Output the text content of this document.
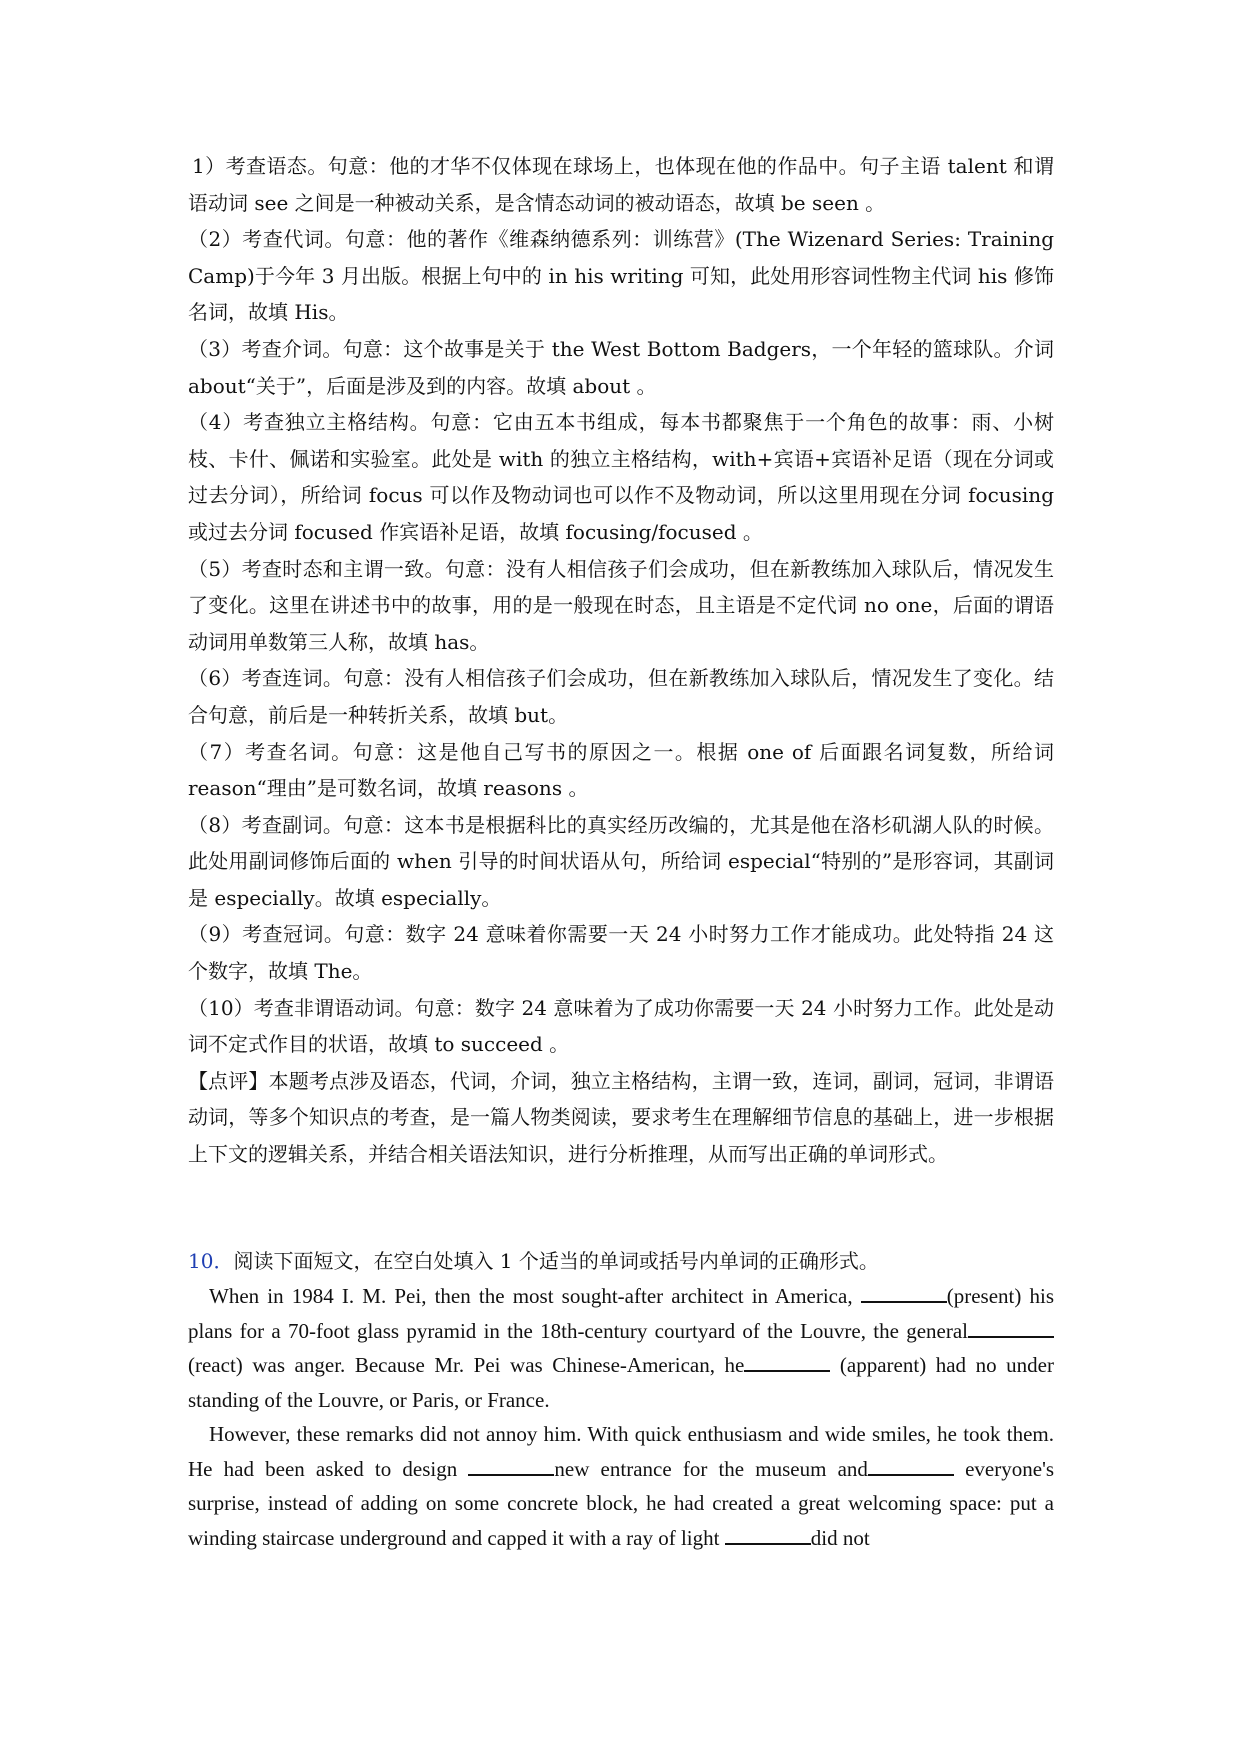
1）考查语态。句意：他的才华不仅体现在球场上，也体现在他的作品中。句子主语 talent 和谓语动词 see 之间是一种被动关系，是含情态动词的被动语态，故填 be seen 。

（2）考查代词。句意：他的著作《维森纳德系列：训练营》(The Wizenard Series: Training Camp)于今年 3 月出版。根据上句中的 in his writing 可知，此处用形容词性物主代词 his 修饰名词，故填 His。

（3）考查介词。句意：这个故事是关于 the West Bottom Badgers，一个年轻的篮球队。介词 about“关于”，后面是涉及到的内容。故填 about 。

（4）考查独立主格结构。句意：它由五本书组成，每本书都聚焦于一个角色的故事：雨、小树枝、卡什、佩诺和实验室。此处是 with 的独立主格结构，with+宾语+宾语补足语（现在分词或过去分词），所给词 focus 可以作及物动词也可以作不及物动词，所以这里用现在分词 focusing 或过去分词 focused 作宾语补足语，故填 focusing/focused 。

（5）考查时态和主谓一致。句意：没有人相信孩子们会成功，但在新教练加入球队后，情况发生了变化。这里在讲述书中的故事，用的是一般现在时态，且主语是不定代词 no one，后面的谓语动词用单数第三人称，故填 has。

（6）考查连词。句意：没有人相信孩子们会成功，但在新教练加入球队后，情况发生了变化。结合句意，前后是一种转折关系，故填 but。

（7）考查名词。句意：这是他自己写书的原因之一。根据 one of 后面跟名词复数，所给词 reason“理由”是可数名词，故填 reasons 。

（8）考查副词。句意：这本书是根据科比的真实经历改编的，尤其是他在洛杉矶湖人队的时候。此处用副词修饰后面的 when 引导的时间状语从句，所给词 especial“特别的”是形容词，其副词是 especially。故填 especially。

（9）考查冠词。句意：数字 24 意味着你需要一天 24 小时努力工作才能成功。此处特指 24 这个数字，故填 The。

（10）考查非谓语动词。句意：数字 24 意味着为了成功你需要一天 24 小时努力工作。此处是动词不定式作目的状语，故填 to succeed 。

【点评】本题考点涉及语态，代词，介词，独立主格结构，主谓一致，连词，副词，冠词，非谓语动词，等多个知识点的考查，是一篇人物类阅读，要求考生在理解细节信息的基础上，进一步根据上下文的逻辑关系，并结合相关语法知识，进行分析推理，从而写出正确的单词形式。

10．阅读下面短文，在空白处填入 1 个适当的单词或括号内单词的正确形式。

When in 1984 I. M. Pei, then the most sought-after architect in America,	(present) his plans for a 70-foot glass pyramid in the 18th-century courtyard of the Louvre, the general(react) was anger. Because Mr. Pei was Chinese-American, he	(apparent) had no under standing of the Louvre, or Paris, or France.

However, these remarks did not annoy him. With quick enthusiasm and wide smiles, he took them. He had been asked to design	new entrance for the museum and	everyone's surprise, instead of adding on some concrete block, he had created a great welcoming space: put a winding staircase underground and capped it with a ray of light	did not
